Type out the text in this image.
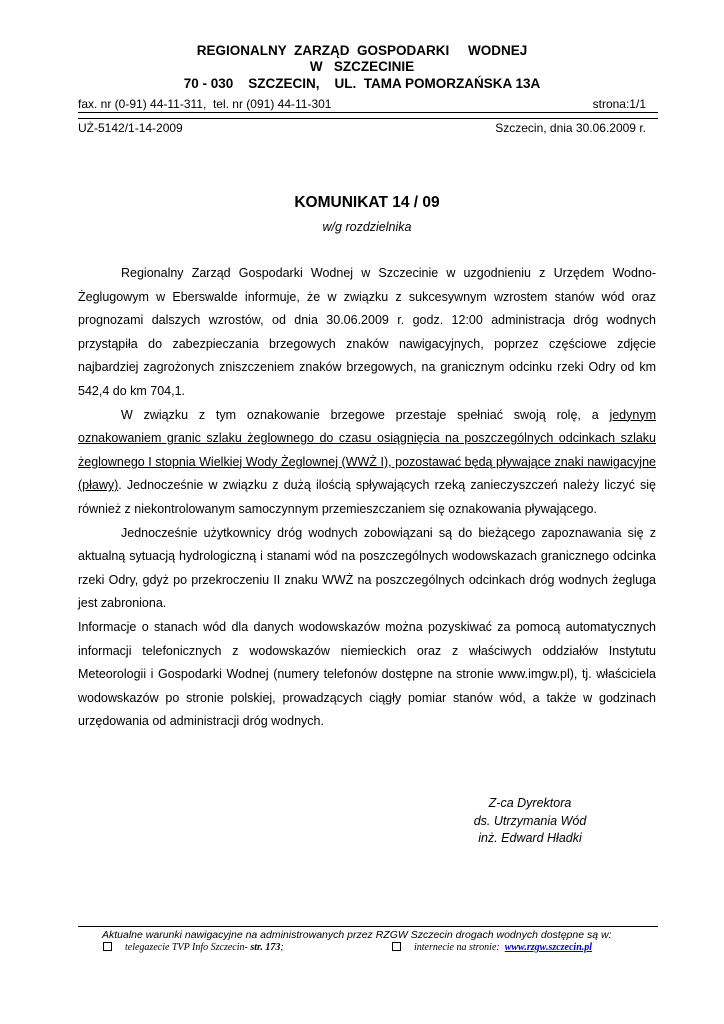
REGIONALNY  ZARZĄD  GOSPODARKI     WODNEJ
W   SZCZECINIE
70 - 030    SZCZECIN,    UL.  TAMA POMORZAŃSKA 13A
fax. nr (0-91) 44-11-311,  tel. nr (091) 44-11-301	strona:1/1
UŻ-5142/1-14-2009	Szczecin, dnia 30.06.2009 r.
KOMUNIKAT 14 / 09
w/g rozdzielnika

Regionalny Zarząd Gospodarki Wodnej w Szczecinie w uzgodnieniu z Urzędem Wodno-Żeglugowym w Eberswalde informuje, że w związku z sukcesywnym wzrostem stanów wód oraz prognozami dalszych wzrostów, od dnia 30.06.2009 r. godz. 12:00 administracja dróg wodnych przystąpiła do zabezpieczania brzegowych znaków nawigacyjnych, poprzez częściowe zdjęcie najbardziej zagrożonych zniszczeniem znaków brzegowych, na granicznym odcinku rzeki Odry od km 542,4 do km 704,1.

W związku z tym oznakowanie brzegowe przestaje spełniać swoją rolę, a jedynym oznakowaniem granic szlaku żeglownego do czasu osiągnięcia na poszczególnych odcinkach szlaku żeglownego I stopnia Wielkiej Wody Żeglownej (WWŻ I), pozostawać będą pływające znaki nawigacyjne (pławy). Jednocześnie w związku z dużą ilością spływających rzeką zanieczyszczeń należy liczyć się również z niekontrolowanym samoczynnym przemieszczaniem się oznakowania pływającego.

Jednocześnie użytkownicy dróg wodnych zobowiązani są do bieżącego zapoznawania się z aktualną sytuacją hydrologiczną i stanami wód na poszczególnych wodowskazach granicznego odcinka rzeki Odry, gdyż po przekroczeniu II znaku WWŻ na poszczególnych odcinkach dróg wodnych żegluga jest zabroniona.

Informacje o stanach wód dla danych wodowskazów można pozyskiwać za pomocą automatycznych informacji telefonicznych z wodowskazów niemieckich oraz z właściwych oddziałów Instytutu Meteorologii i Gospodarki Wodnej (numery telefonów dostępne na stronie www.imgw.pl), tj. właściciela wodowskazów po stronie polskiej, prowadzących ciągły pomiar stanów wód, a także w godzinach urzędowania od administracji dróg wodnych.

Z-ca Dyrektora
ds. Utrzymania Wód
inż. Edward Hładki
Aktualne warunki nawigacyjne na administrowanych przez RZGW Szczecin drogach wodnych dostępne są w:
telegazecie TVP Info Szczecin- str. 173;	internecie na stronie:  www.rzgw.szczecin.pl
